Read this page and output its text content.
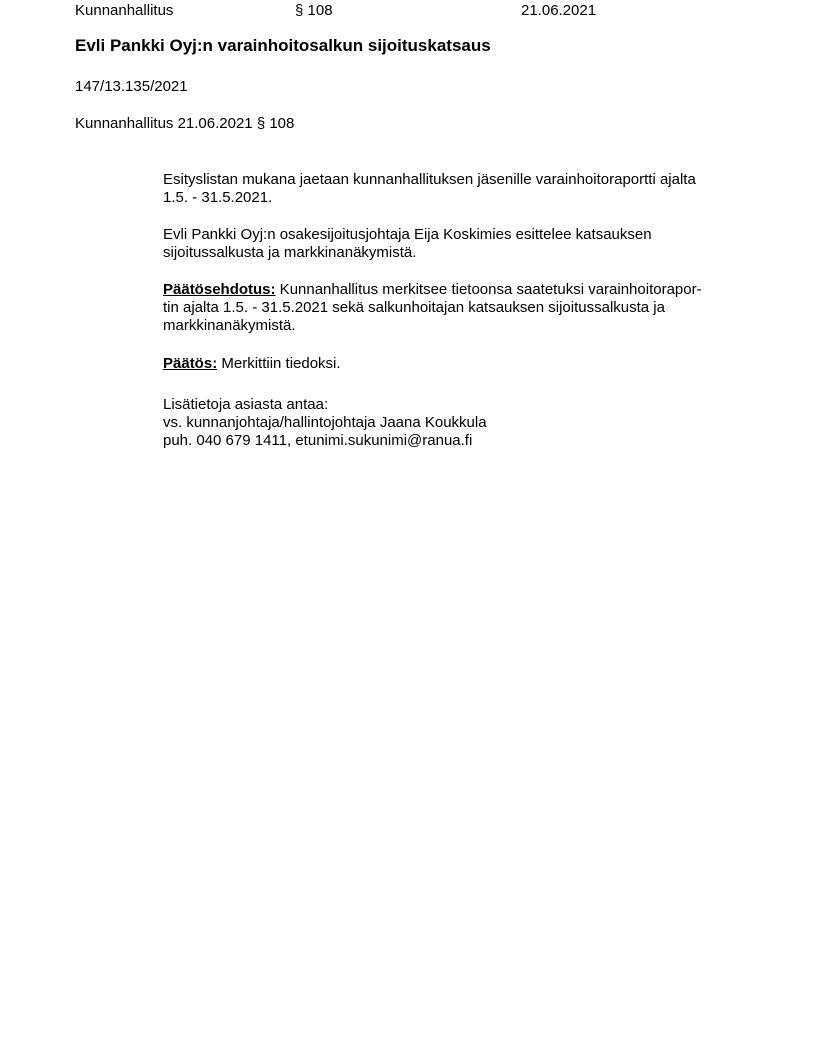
Kunnanhallitus	§ 108	21.06.2021
Evli Pankki Oyj:n varainhoitosalkun sijoituskatsaus
147/13.135/2021
Kunnanhallitus 21.06.2021 § 108
Esityslistan mukana jaetaan kunnanhallituksen jäsenille varainhoitoraportti ajalta
1.5. - 31.5.2021.
Evli Pankki Oyj:n osakesijoitusjohtaja Eija Koskimies esittelee katsauksen
sijoitussalkusta ja markkinanäkymistä.
Päätösehdotus: Kunnanhallitus merkitsee tietoonsa saatetuksi varainhoitorapor-
tin ajalta 1.5. - 31.5.2021 sekä salkunhoitajan katsauksen sijoitussalkusta ja
markkinanäkymistä.
Päätös: Merkittiin tiedoksi.
Lisätietoja asiasta antaa:
vs. kunnanjohtaja/hallintojohtaja Jaana Koukkula
puh. 040 679 1411, etunimi.sukunimi@ranua.fi
